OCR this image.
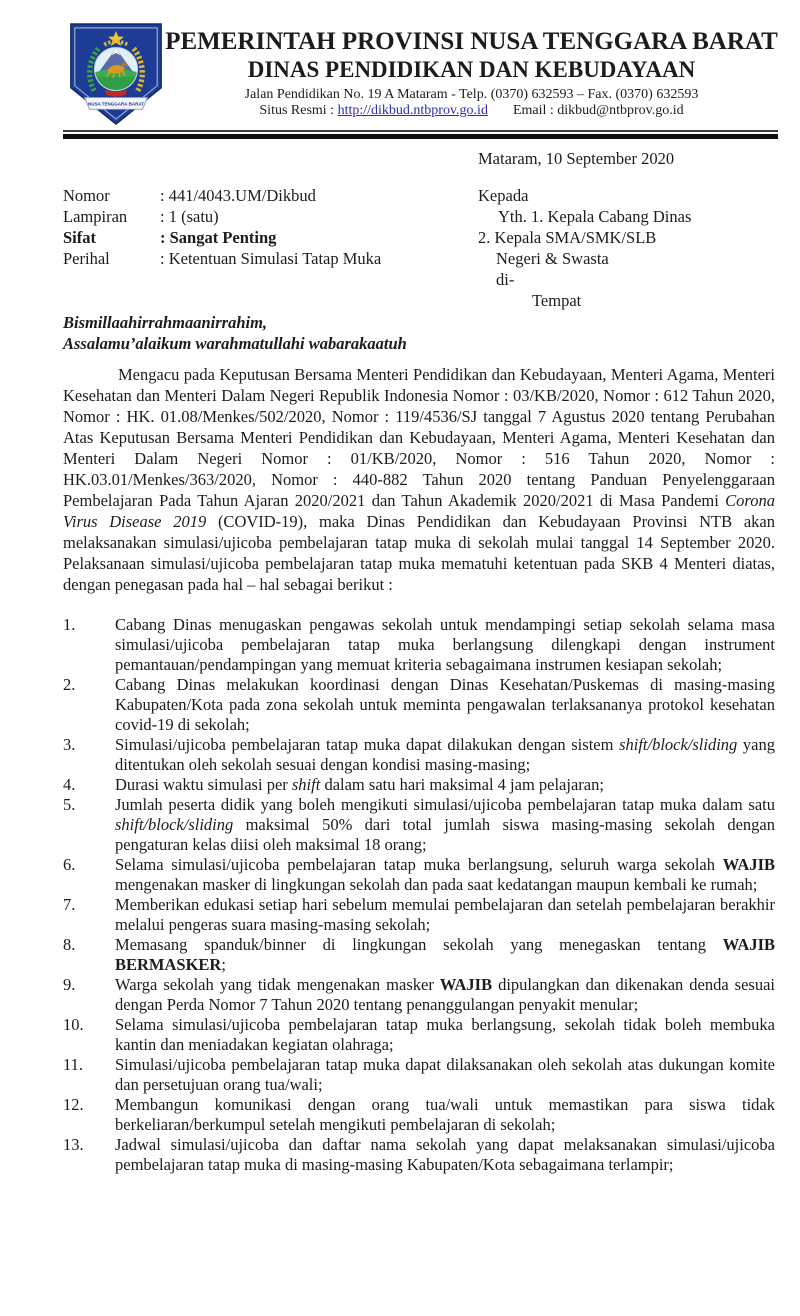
NUSA TENGGARA BARAT
PEMERINTAH PROVINSI NUSA TENGGARA BARAT
DINAS PENDIDIKAN DAN KEBUDAYAAN
Jalan Pendidikan No. 19 A Mataram - Telp. (0370) 632593 – Fax. (0370) 632593
Situs Resmi : http://dikbud.ntbprov.go.id Email : dikbud@ntbprov.go.id
Mataram, 10 September 2020
Nomor	: 441/4043.UM/Dikbud
Lampiran	: 1 (satu)
Sifat	: Sangat Penting
Perihal	: Ketentuan Simulasi Tatap Muka
Kepada
Yth. 1. Kepala Cabang Dinas
2. Kepala SMA/SMK/SLB
Negeri & Swasta
di-
Tempat
Bismillaahirrahmaanirrahim,
Assalamu’alaikum warahmatullahi wabarakaatuh
Mengacu pada Keputusan Bersama Menteri Pendidikan dan Kebudayaan, Menteri Agama, Menteri Kesehatan dan Menteri Dalam Negeri Republik Indonesia Nomor : 03/KB/2020, Nomor : 612 Tahun 2020, Nomor : HK. 01.08/Menkes/502/2020, Nomor : 119/4536/SJ tanggal 7 Agustus 2020 tentang Perubahan Atas Keputusan Bersama Menteri Pendidikan dan Kebudayaan, Menteri Agama, Menteri Kesehatan dan Menteri Dalam Negeri Nomor : 01/KB/2020, Nomor : 516 Tahun 2020, Nomor : HK.03.01/Menkes/363/2020, Nomor : 440-882 Tahun 2020 tentang Panduan Penyelenggaraan Pembelajaran Pada Tahun Ajaran 2020/2021 dan Tahun Akademik 2020/2021 di Masa Pandemi Corona Virus Disease 2019 (COVID-19), maka Dinas Pendidikan dan Kebudayaan Provinsi NTB akan melaksanakan simulasi/ujicoba pembelajaran tatap muka di sekolah mulai tanggal 14 September 2020. Pelaksanaan simulasi/ujicoba pembelajaran tatap muka mematuhi ketentuan pada SKB 4 Menteri diatas, dengan penegasan pada hal – hal sebagai berikut :
1.	Cabang Dinas menugaskan pengawas sekolah untuk mendampingi setiap sekolah selama masa simulasi/ujicoba pembelajaran tatap muka berlangsung dilengkapi dengan instrument pemantauan/pendampingan yang memuat kriteria sebagaimana instrumen kesiapan sekolah;
2.	Cabang Dinas melakukan koordinasi dengan Dinas Kesehatan/Puskemas di masing-masing Kabupaten/Kota pada zona sekolah untuk meminta pengawalan terlaksananya protokol kesehatan covid-19 di sekolah;
3.	Simulasi/ujicoba pembelajaran tatap muka dapat dilakukan dengan sistem shift/block/sliding yang ditentukan oleh sekolah sesuai dengan kondisi masing-masing;
4.	Durasi waktu simulasi per shift dalam satu hari maksimal 4 jam pelajaran;
5.	Jumlah peserta didik yang boleh mengikuti simulasi/ujicoba pembelajaran tatap muka dalam satu shift/block/sliding maksimal 50% dari total jumlah siswa masing-masing sekolah dengan pengaturan kelas diisi oleh maksimal 18 orang;
6.	Selama simulasi/ujicoba pembelajaran tatap muka berlangsung, seluruh warga sekolah WAJIB mengenakan masker di lingkungan sekolah dan pada saat kedatangan maupun kembali ke rumah;
7.	Memberikan edukasi setiap hari sebelum memulai pembelajaran dan setelah pembelajaran berakhir melalui pengeras suara masing-masing sekolah;
8.	Memasang spanduk/binner di lingkungan sekolah yang menegaskan tentang WAJIB BERMASKER;
9.	Warga sekolah yang tidak mengenakan masker WAJIB dipulangkan dan dikenakan denda sesuai dengan Perda Nomor 7 Tahun 2020 tentang penanggulangan penyakit menular;
10.	Selama simulasi/ujicoba pembelajaran tatap muka berlangsung, sekolah tidak boleh membuka kantin dan meniadakan kegiatan olahraga;
11.	Simulasi/ujicoba pembelajaran tatap muka dapat dilaksanakan oleh sekolah atas dukungan komite dan persetujuan orang tua/wali;
12.	Membangun komunikasi dengan orang tua/wali untuk memastikan para siswa tidak berkeliaran/berkumpul setelah mengikuti pembelajaran di sekolah;
13.	Jadwal simulasi/ujicoba dan daftar nama sekolah yang dapat melaksanakan simulasi/ujicoba pembelajaran tatap muka di masing-masing Kabupaten/Kota sebagaimana terlampir;
